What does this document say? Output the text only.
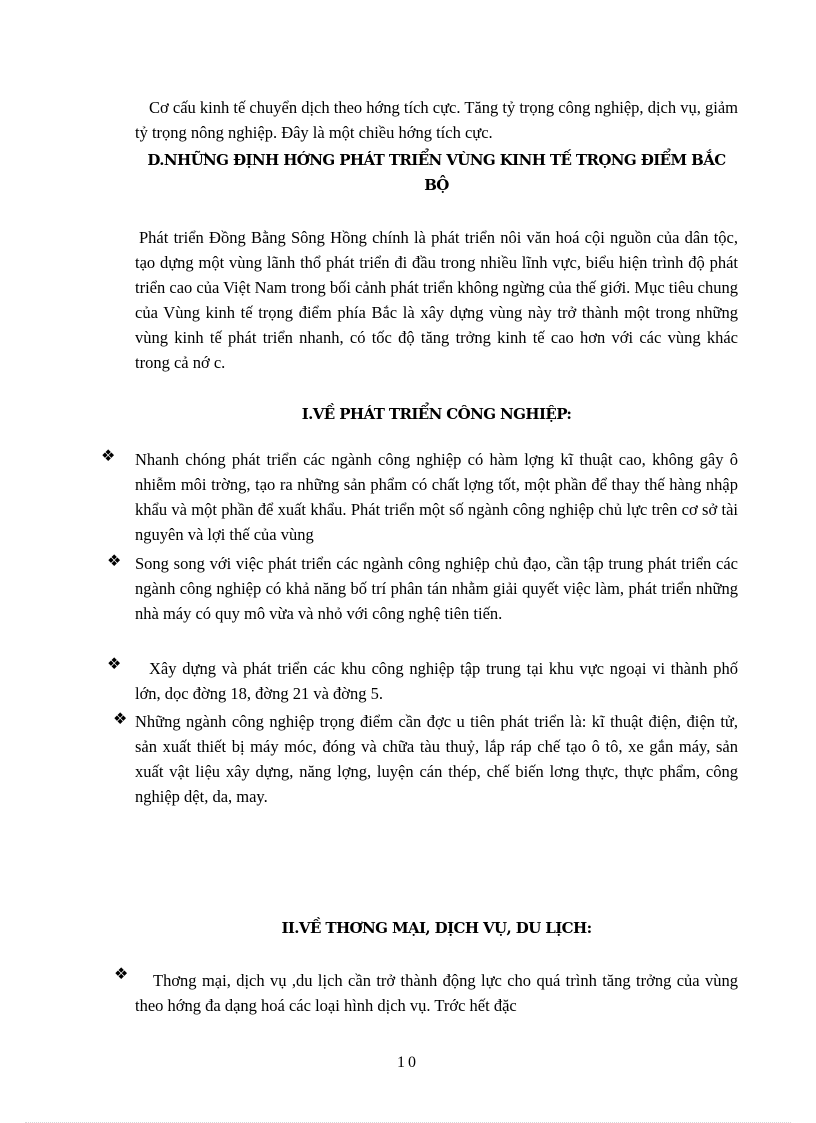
Cơ cấu kinh tế chuyển dịch theo hớng tích cực. Tăng tỷ trọng công nghiệp, dịch vụ, giảm tỷ trọng nông nghiệp. Đây là một chiều hớng tích cực.

D.NHỮNG ĐỊNH HỚNG PHÁT TRIỂN VÙNG KINH TẾ TRỌNG ĐIỂM BẮC BỘ

Phát triển Đồng Bằng Sông Hồng chính là phát triển nôi văn hoá cội nguồn của dân tộc, tạo dựng một vùng lãnh thổ phát triển đi đầu trong nhiều lĩnh vực, biểu hiện trình độ phát triển cao của Việt Nam trong bối cảnh phát triển không ngừng của thế giới. Mục tiêu chung của Vùng kinh tế trọng điểm phía Bắc là xây dựng vùng này trở thành một trong những vùng kinh tế phát triển nhanh, có tốc độ tăng trởng kinh tế cao hơn với các vùng khác trong cả nớ c.

I.VỀ PHÁT TRIỂN CÔNG NGHIỆP:
❖ Nhanh chóng phát triển các ngành công nghiệp có hàm lợng kĩ thuật cao, không gây ô nhiễm môi trờng, tạo ra những sản phẩm có chất lợng tốt, một phần để thay thế hàng nhập khẩu và một phần để xuất khẩu. Phát triển một số ngành công nghiệp chủ lực trên cơ sở tài nguyên và lợi thế của vùng

❖ Song song với việc phát triển các ngành công nghiệp chủ đạo, cần tập trung phát triển các ngành công nghiệp có khả năng bố trí phân tán nhằm giải quyết việc làm, phát triển những nhà máy có quy mô vừa và nhỏ với công nghệ tiên tiến.

❖	Xây dựng và phát triển các khu công nghiệp tập trung tại khu vực ngoại vi thành phố lớn, dọc đờng 18, đờng 21 và đờng 5.

❖ Những ngành công nghiệp trọng điểm cần đợc u tiên phát triển là: kĩ thuật điện, điện tử, sản xuất thiết bị máy móc, đóng và chữa tàu thuỷ, lắp ráp chế tạo ô tô, xe gắn máy, sản xuất vật liệu xây dựng, năng lợng, luyện cán thép, chế biến lơng thực, thực phẩm, công nghiệp dệt, da, may.

II.VỀ THƠNG MẠI, DỊCH VỤ, DU LỊCH:
❖	Thơng mại, dịch vụ ,du lịch cần trở thành động lực cho quá trình tăng trởng của vùng theo hớng đa dạng hoá các loại hình dịch vụ. Trớc hết đặc

10
